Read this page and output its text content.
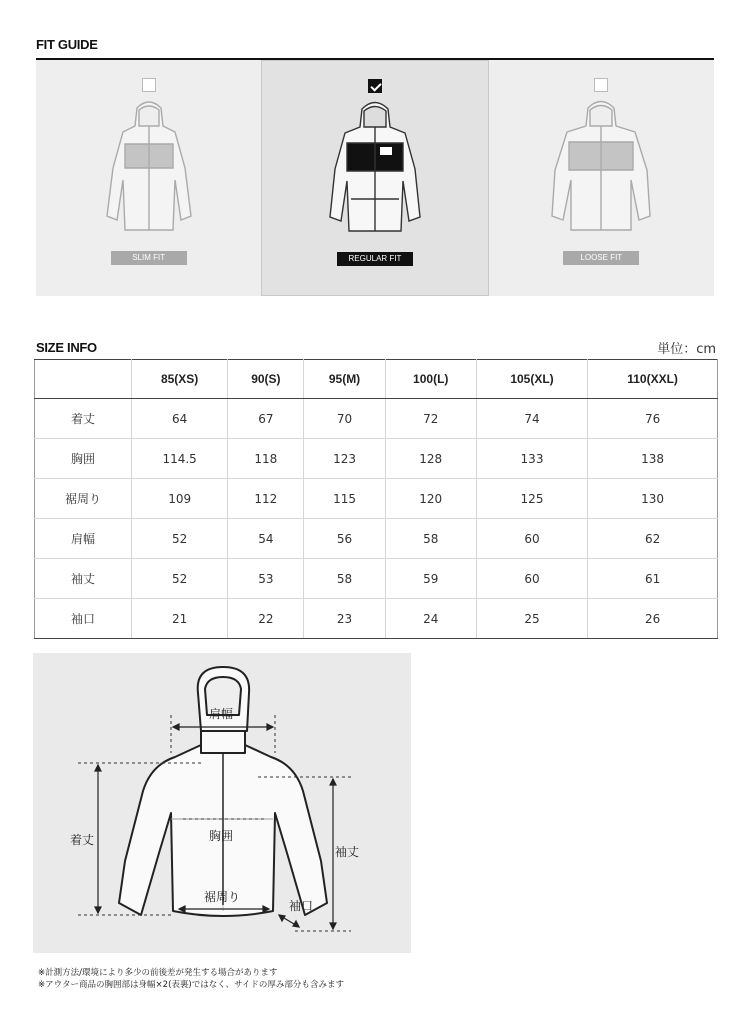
FIT GUIDE
SLIM FIT	REGULAR FIT	LOOSE FIT
SIZE INFO	単位：cm
	85(XS)	90(S)	95(M)	100(L)	105(XL)	110(XXL)
着丈	64	67	70	72	74	76
胸囲	114.5	118	123	128	133	138
裾周り	109	112	115	120	125	130
肩幅	52	54	56	58	60	62
袖丈	52	53	58	59	60	61
袖口	21	22	23	24	25	26
肩幅
着丈	胸囲
裾周り
袖丈
袖口
※計測方法/環境により多少の前後差が発生する場合があります
※アウター商品の胸囲部は身幅×2(表裏)ではなく、サイドの厚み部分も含みます
